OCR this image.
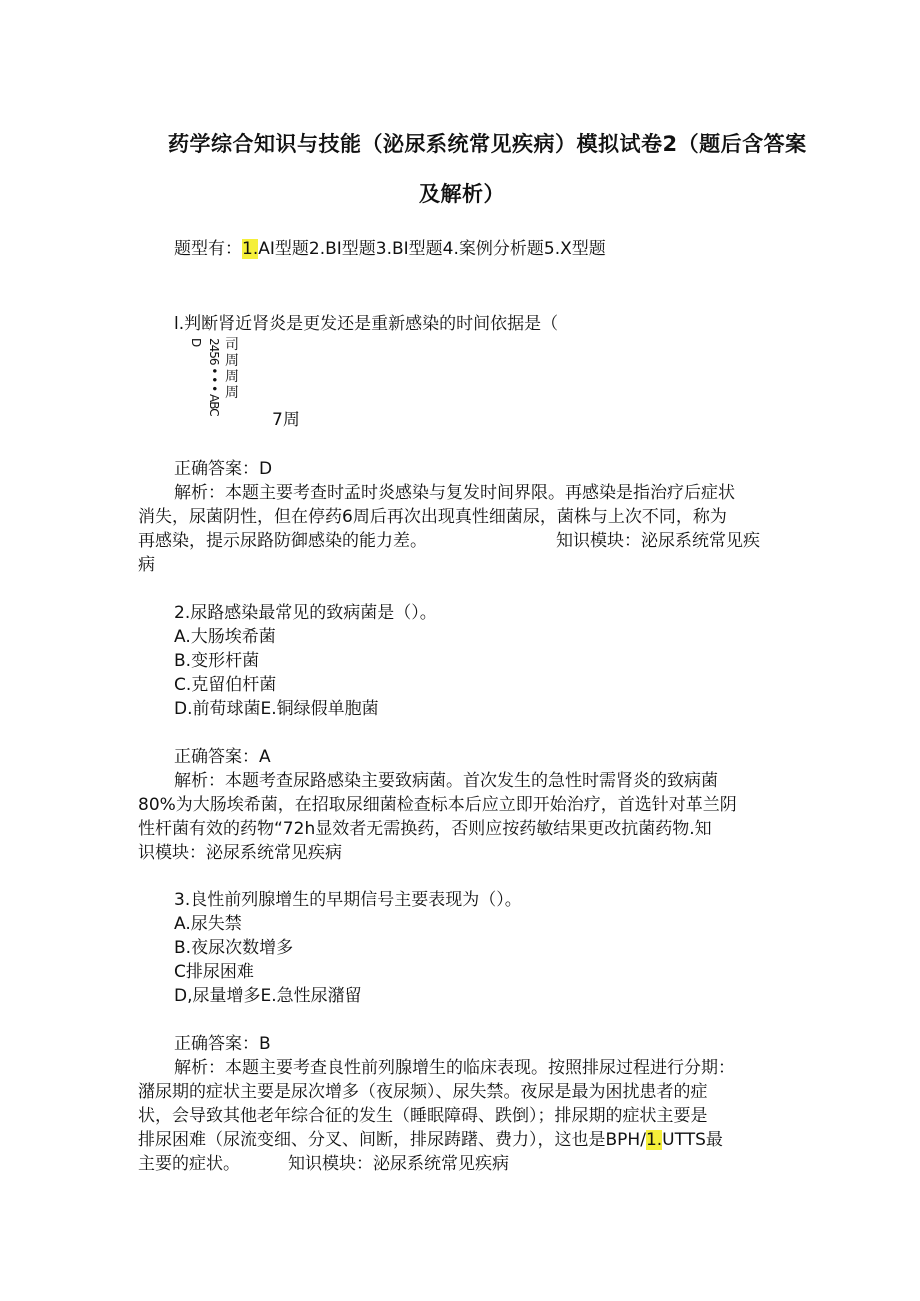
药学综合知识与技能（泌尿系统常见疾病）模拟试卷2（题后含答案
及解析）
题型有：1.AI型题2.BI型题3.BI型题4.案例分析题5.X型题
l.判断肾近肾炎是更发还是重新感染的时间依据是（
D 2456 • • • ABC 司
周
周
周
7周
正确答案：D
解析：本题主要考查时孟时炎感染与复发时间界限。再感染是指治疗后症状
消失，尿菌阴性，但在停药6周后再次出现真性细菌尿，菌株与上次不同，称为
再感染，提示尿路防御感染的能力差。	知识模块：泌尿系统常见疾
病
2.尿路感染最常见的致病菌是（）。
A.大肠埃希菌
B.变形杆菌
C.克留伯杆菌
D.前荀球菌E.铜绿假单胞菌
正确答案：A
解析：本题考查尿路感染主要致病菌。首次发生的急性时需肾炎的致病菌
80%为大肠埃希菌，在招取尿细菌检查标本后应立即开始治疗，首选针对革兰阴
性杆菌有效的药物“72h显效者无需换药，否则应按药敏结果更改抗菌药物.知
识模块：泌尿系统常见疾病
3.良性前列腺增生的早期信号主要表现为（）。
A.尿失禁
B.夜尿次数增多
C排尿困难
D,尿量增多E.急性尿潴留
正确答案：B
解析：本题主要考查良性前列腺增生的临床表现。按照排尿过程进行分期：
潴尿期的症状主要是尿次增多（夜尿频）、尿失禁。夜尿是最为困扰患者的症
状，会导致其他老年综合征的发生（睡眠障碍、跌倒）；排尿期的症状主要是
排尿困难（尿流变细、分叉、间断，排尿踌躇、费力），这也是BPH/1.UTTS最
主要的症状。	知识模块：泌尿系统常见疾病
